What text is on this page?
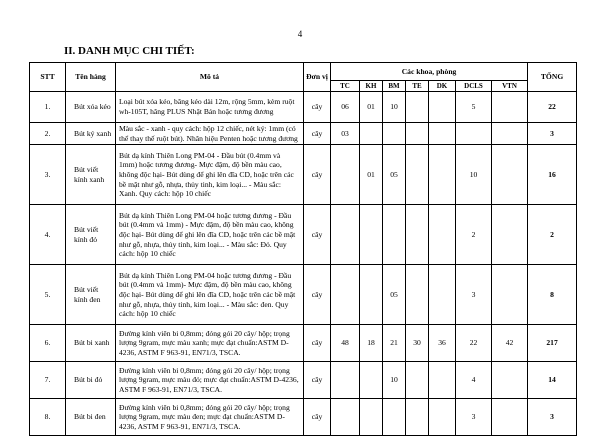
4
II. DANH MỤC CHI TIẾT:
STT	Tên hàng	Mô tả	Đơn vị	Các khoa, phòng							TỔNG
				TC	KH	BM	TE	DK	DCLS	VTN	
1.	Bút xóa kéo	Loại bút xóa kéo, băng kéo dài 12m, rộng 5mm, kèm ruột wh-105T, hãng PLUS Nhật Bản hoặc tương đương	cây	06	01	10			5		22
2.	Bút ký xanh	Màu sắc - xanh - quy cách: hộp 12 chiếc, nét ký: 1mm (có thể thay thế ruột bút). Nhãn hiệu Penten hoặc tương đương	cây	03							3
3.	Bút viết kính xanh	Bút dạ kính Thiên Long PM-04 - Đầu bút (0.4mm và 1mm) hoặc tương đương- Mực đậm, độ bền màu cao, không độc hại- Bút dùng để ghi lên đĩa CD, hoặc trên các bề mặt như gỗ, nhựa, thủy tinh, kim loại... - Màu sắc: Xanh. Quy cách: hộp 10 chiếc	cây		01	05			10		16
4.	Bút viết kính đỏ	Bút dạ kính Thiên Long PM-04 hoặc tương đương - Đầu bút (0.4mm và 1mm) - Mực đậm, độ bền màu cao, không độc hại- Bút dùng để ghi lên đĩa CD, hoặc trên các bề mặt như gỗ, nhựa, thủy tinh, kim loại... - Màu sắc: Đỏ. Quy cách: hộp 10 chiếc	cây						2		2
5.	Bút viết kính đen	Bút dạ kính Thiên Long PM-04 hoặc tương đương - Đầu bút (0.4mm và 1mm)- Mực đậm, độ bền màu cao, không độc hại- Bút dùng để ghi lên đĩa CD, hoặc trên các bề mặt như gỗ, nhựa, thủy tinh, kim loại... - Màu sắc: đen. Quy cách: hộp 10 chiếc	cây			05			3		8
6.	Bút bi xanh	Đường kính viên bi 0,8mm; đóng gói 20 cây/ hộp; trọng lượng 9gram, mực màu xanh; mực đạt chuẩn:ASTM D-4236, ASTM F 963-91, EN71/3, TSCA.	cây	48	18	21	30	36	22	42	217
7.	Bút bi đỏ	Đường kính viên bi 0,8mm; đóng gói 20 cây/ hộp; trọng lượng 9gram, mực màu đỏ; mực đạt chuẩn:ASTM D-4236, ASTM F 963-91, EN71/3, TSCA.	cây			10			4		14
8.	Bút bi đen	Đường kính viên bi 0,8mm; đóng gói 20 cây/ hộp; trọng lượng 9gram, mực màu đen; mực đạt chuẩn:ASTM D-4236, ASTM F 963-91, EN71/3, TSCA.	cây						3		3
